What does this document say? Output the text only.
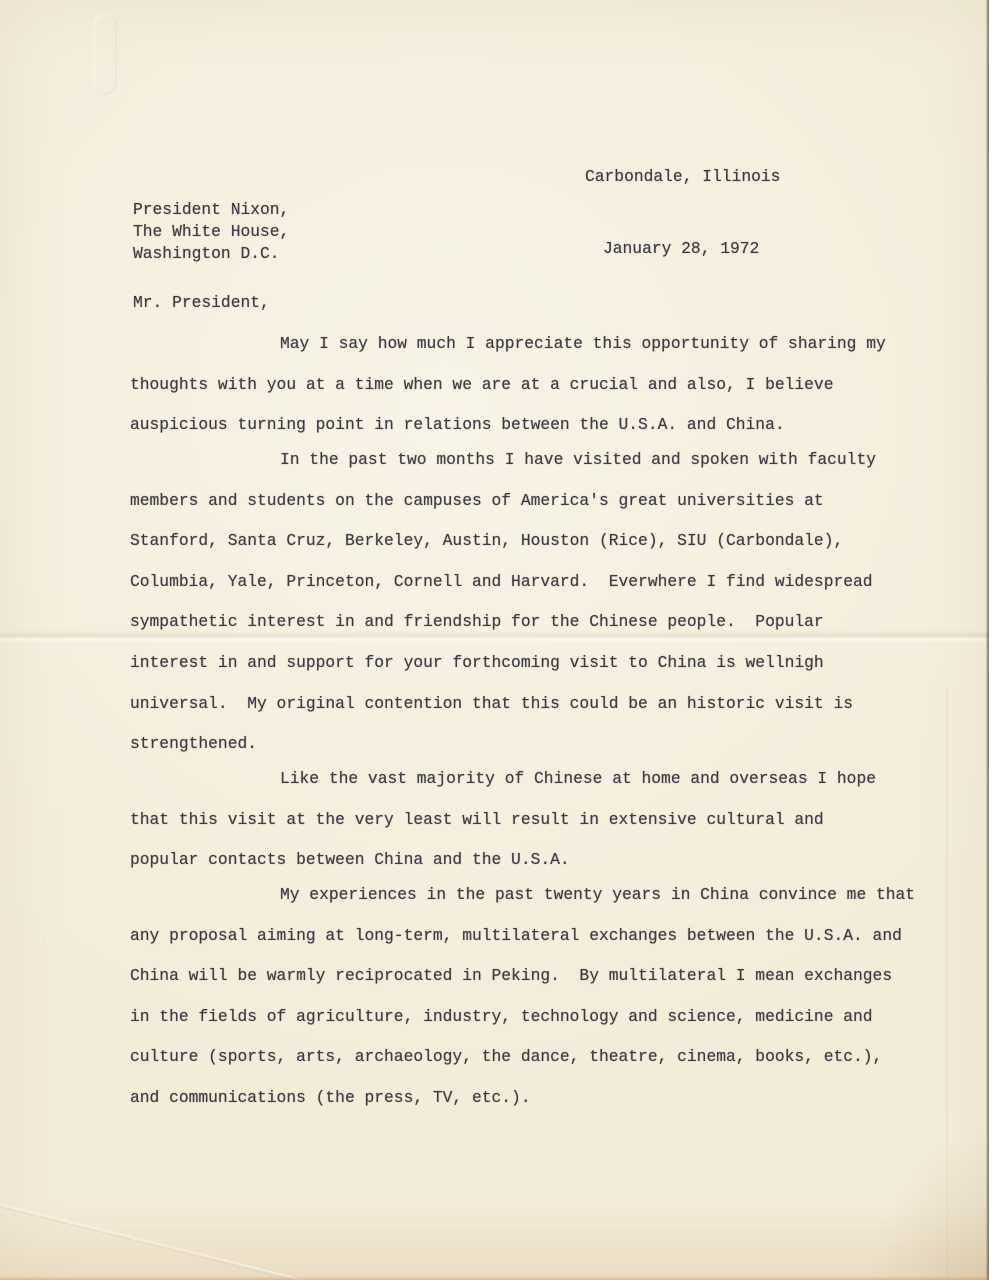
Carbondale, Illinois

January 28, 1972

President Nixon,
The White House,
Washington D.C.
Mr. President,
May I say how much I appreciate this opportunity of sharing my
thoughts with you at a time when we are at a crucial and also, I believe
auspicious turning point in relations between the U.S.A. and China.
In the past two months I have visited and spoken with faculty
members and students on the campuses of America's great universities at
Stanford, Santa Cruz, Berkeley, Austin, Houston (Rice), SIU (Carbondale),
Columbia, Yale, Princeton, Cornell and Harvard.  Everwhere I find widespread
sympathetic interest in and friendship for the Chinese people.  Popular
interest in and support for your forthcoming visit to China is wellnigh
universal.  My original contention that this could be an historic visit is
strengthened.
Like the vast majority of Chinese at home and overseas I hope
that this visit at the very least will result in extensive cultural and
popular contacts between China and the U.S.A.
My experiences in the past twenty years in China convince me that
any proposal aiming at long-term, multilateral exchanges between the U.S.A. and
China will be warmly reciprocated in Peking.  By multilateral I mean exchanges
in the fields of agriculture, industry, technology and science, medicine and
culture (sports, arts, archaeology, the dance, theatre, cinema, books, etc.),
and communications (the press, TV, etc.).
